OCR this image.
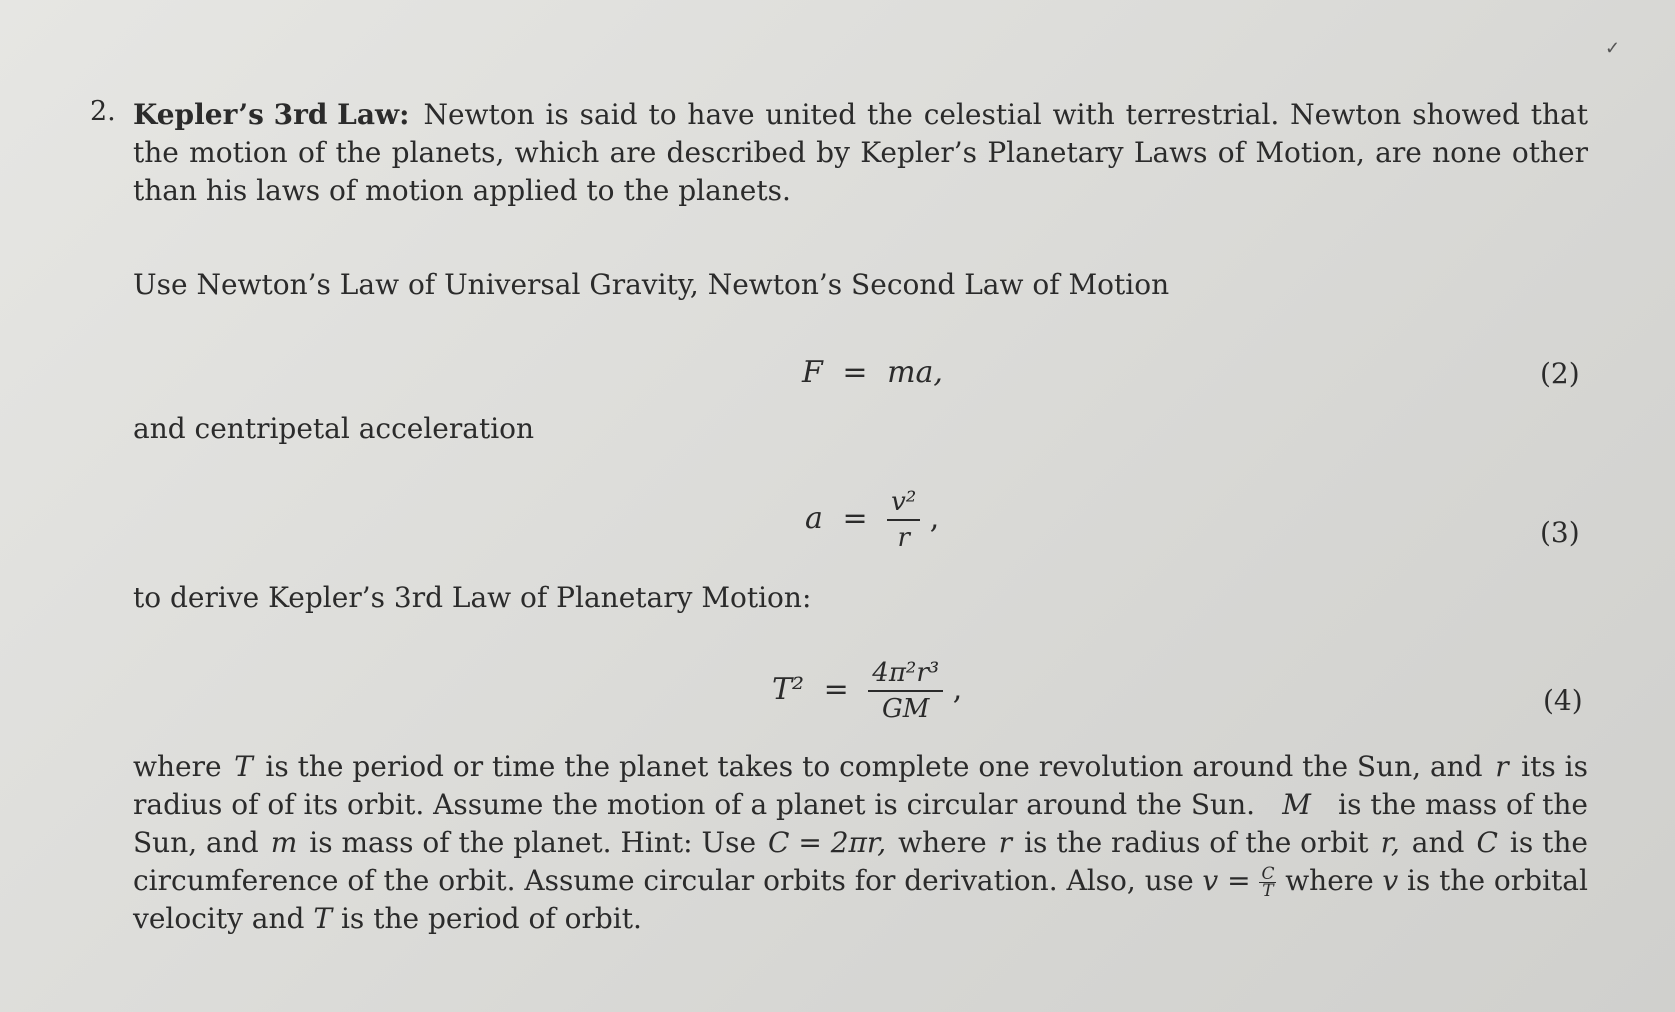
✓
2. Kepler’s 3rd Law: Newton is said to have united the celestial with terrestrial. Newton showed that
the motion of the planets, which are described by Kepler’s Planetary Laws of Motion, are none other
than his laws of motion applied to the planets.
Use Newton’s Law of Universal Gravity, Newton’s Second Law of Motion
F = ma,	(2)
and centripetal acceleration
$a = \frac{\text{v²}}{r}$ ,	(3)
to derive Kepler’s 3rd Law of Planetary Motion:
$T^2 = \frac{\text{4π²r³}}{GM}$ ,	(4)
where T is the period or time the planet takes to complete one revolution around the Sun, and r its is
radius of of its orbit. Assume the motion of a planet is circular around the Sun. M is the mass of the
Sun, and m is mass of the planet. Hint: Use C = 2πr, where r is the radius of the orbit r, and C is the
circumference of the orbit. Assume circular orbits for derivation. Also, use $v = \frac{C}{T}$ where v is the orbital
velocity and T is the period of orbit.
